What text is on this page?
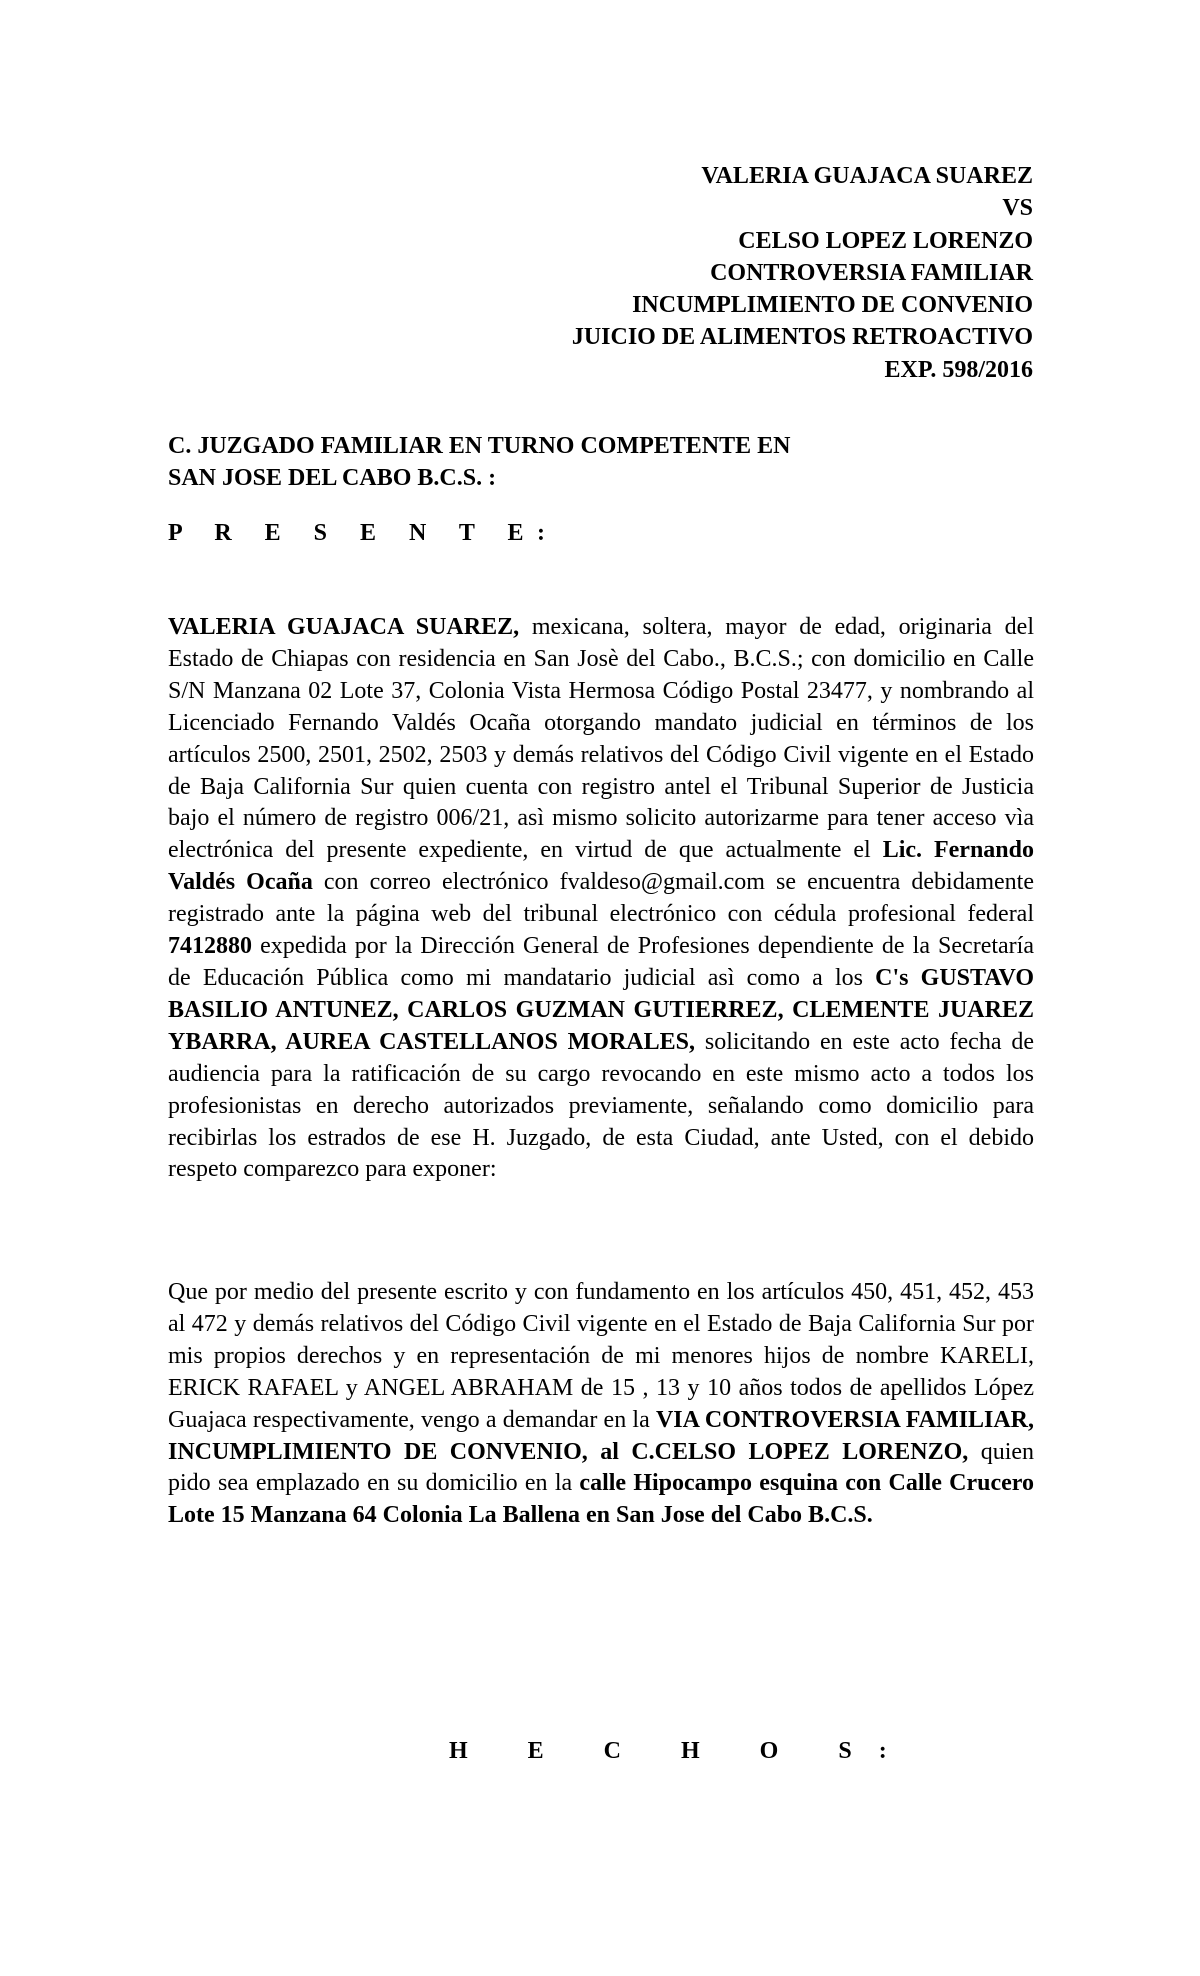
VALERIA GUAJACA SUAREZ
VS
CELSO LOPEZ LORENZO
CONTROVERSIA FAMILIAR
INCUMPLIMIENTO DE CONVENIO
JUICIO DE ALIMENTOS RETROACTIVO
EXP. 598/2016
C. JUZGADO FAMILIAR EN TURNO COMPETENTE EN
SAN JOSE DEL CABO B.C.S. :
P R E S E N T E:

VALERIA GUAJACA SUAREZ, mexicana, soltera, mayor de edad, originaria del Estado de Chiapas con residencia en San Josè del Cabo., B.C.S.; con domicilio en Calle S/N Manzana 02 Lote 37, Colonia Vista Hermosa Código Postal 23477, y nombrando al Licenciado Fernando Valdés Ocaña otorgando mandato judicial en términos de los artículos 2500, 2501, 2502, 2503 y demás relativos del Código Civil vigente en el Estado de Baja California Sur quien cuenta con registro antel el Tribunal Superior de Justicia bajo el número de registro 006/21, asì mismo solicito autorizarme para tener acceso vìa electrónica del presente expediente, en virtud de que actualmente el Lic. Fernando Valdés Ocaña con correo electrónico fvaldeso@gmail.com se encuentra debidamente registrado ante la página web del tribunal electrónico con cédula profesional federal 7412880 expedida por la Dirección General de Profesiones dependiente de la Secretaría de Educación Pública como mi mandatario judicial asì como a los C's GUSTAVO BASILIO ANTUNEZ, CARLOS GUZMAN GUTIERREZ, CLEMENTE JUAREZ YBARRA, AUREA CASTELLANOS MORALES, solicitando en este acto fecha de audiencia para la ratificación de su cargo revocando en este mismo acto a todos los profesionistas en derecho autorizados previamente, señalando como domicilio para recibirlas los estrados de ese H. Juzgado, de esta Ciudad, ante Usted, con el debido respeto comparezco para exponer:

Que por medio del presente escrito y con fundamento en los artículos 450, 451, 452, 453 al 472 y demás relativos del Código Civil vigente en el Estado de Baja California Sur por mis propios derechos y en representación de mi menores hijos de nombre KARELI, ERICK RAFAEL y ANGEL ABRAHAM de 15 , 13 y 10 años todos de apellidos López Guajaca respectivamente, vengo a demandar en la VIA CONTROVERSIA FAMILIAR, INCUMPLIMIENTO DE CONVENIO, al C.CELSO LOPEZ LORENZO, quien pido sea emplazado en su domicilio en la calle Hipocampo esquina con Calle Crucero Lote 15 Manzana 64 Colonia La Ballena en San Jose del Cabo B.C.S.

H E C H O S:
